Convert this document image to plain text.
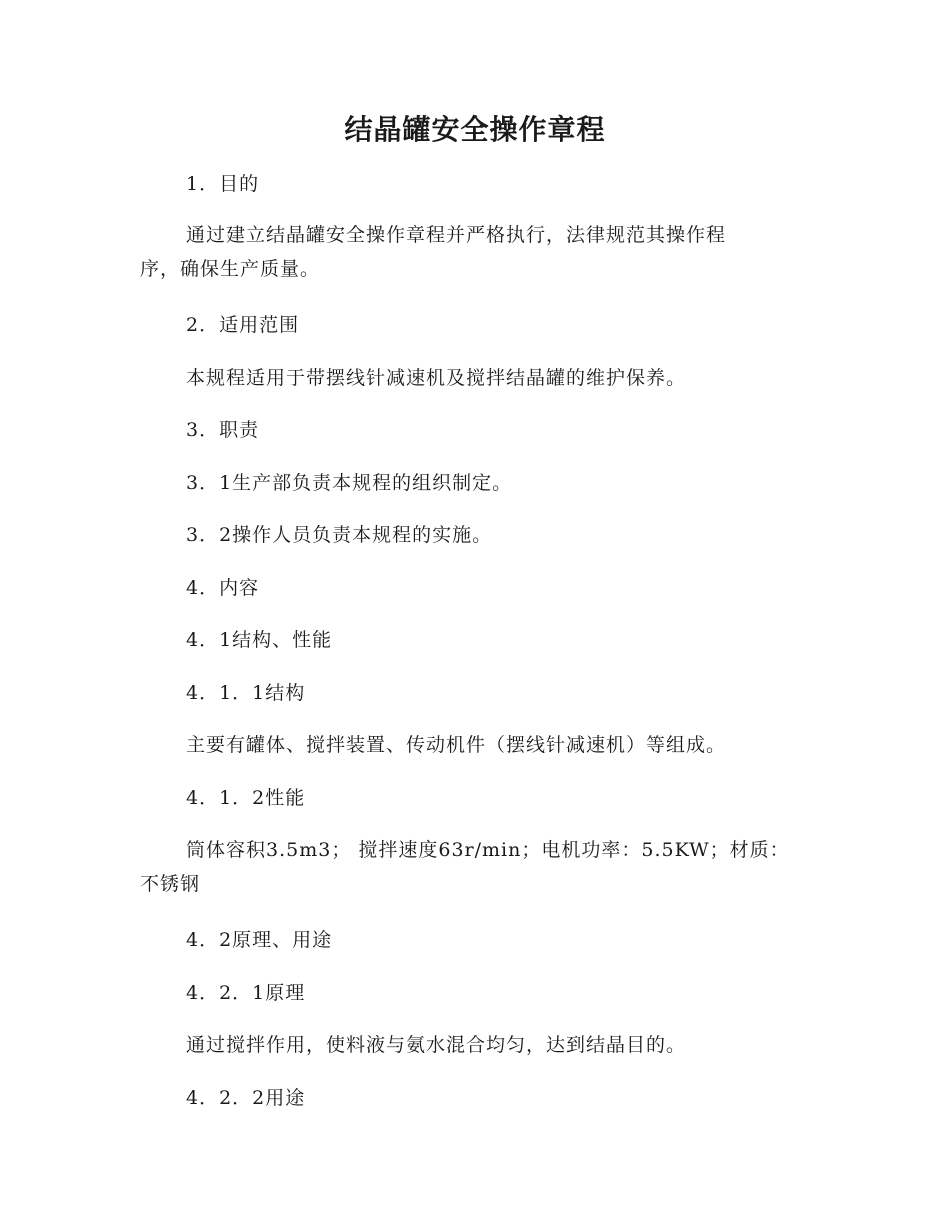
结晶罐安全操作章程
1．目的
通过建立结晶罐安全操作章程并严格执行，法律规范其操作程
序，确保生产质量。
2．适用范围
本规程适用于带摆线针减速机及搅拌结晶罐的维护保养。
3．职责
3．1生产部负责本规程的组织制定。
3．2操作人员负责本规程的实施。
4．内容
4．1结构、性能
4．1．1结构
主要有罐体、搅拌装置、传动机件（摆线针减速机）等组成。
4．1．2性能
筒体容积3.5m3； 搅拌速度63r/min；电机功率：5.5KW；材质：
不锈钢
4．2原理、用途
4．2．1原理
通过搅拌作用，使料液与氨水混合均匀，达到结晶目的。
4．2．2用途
